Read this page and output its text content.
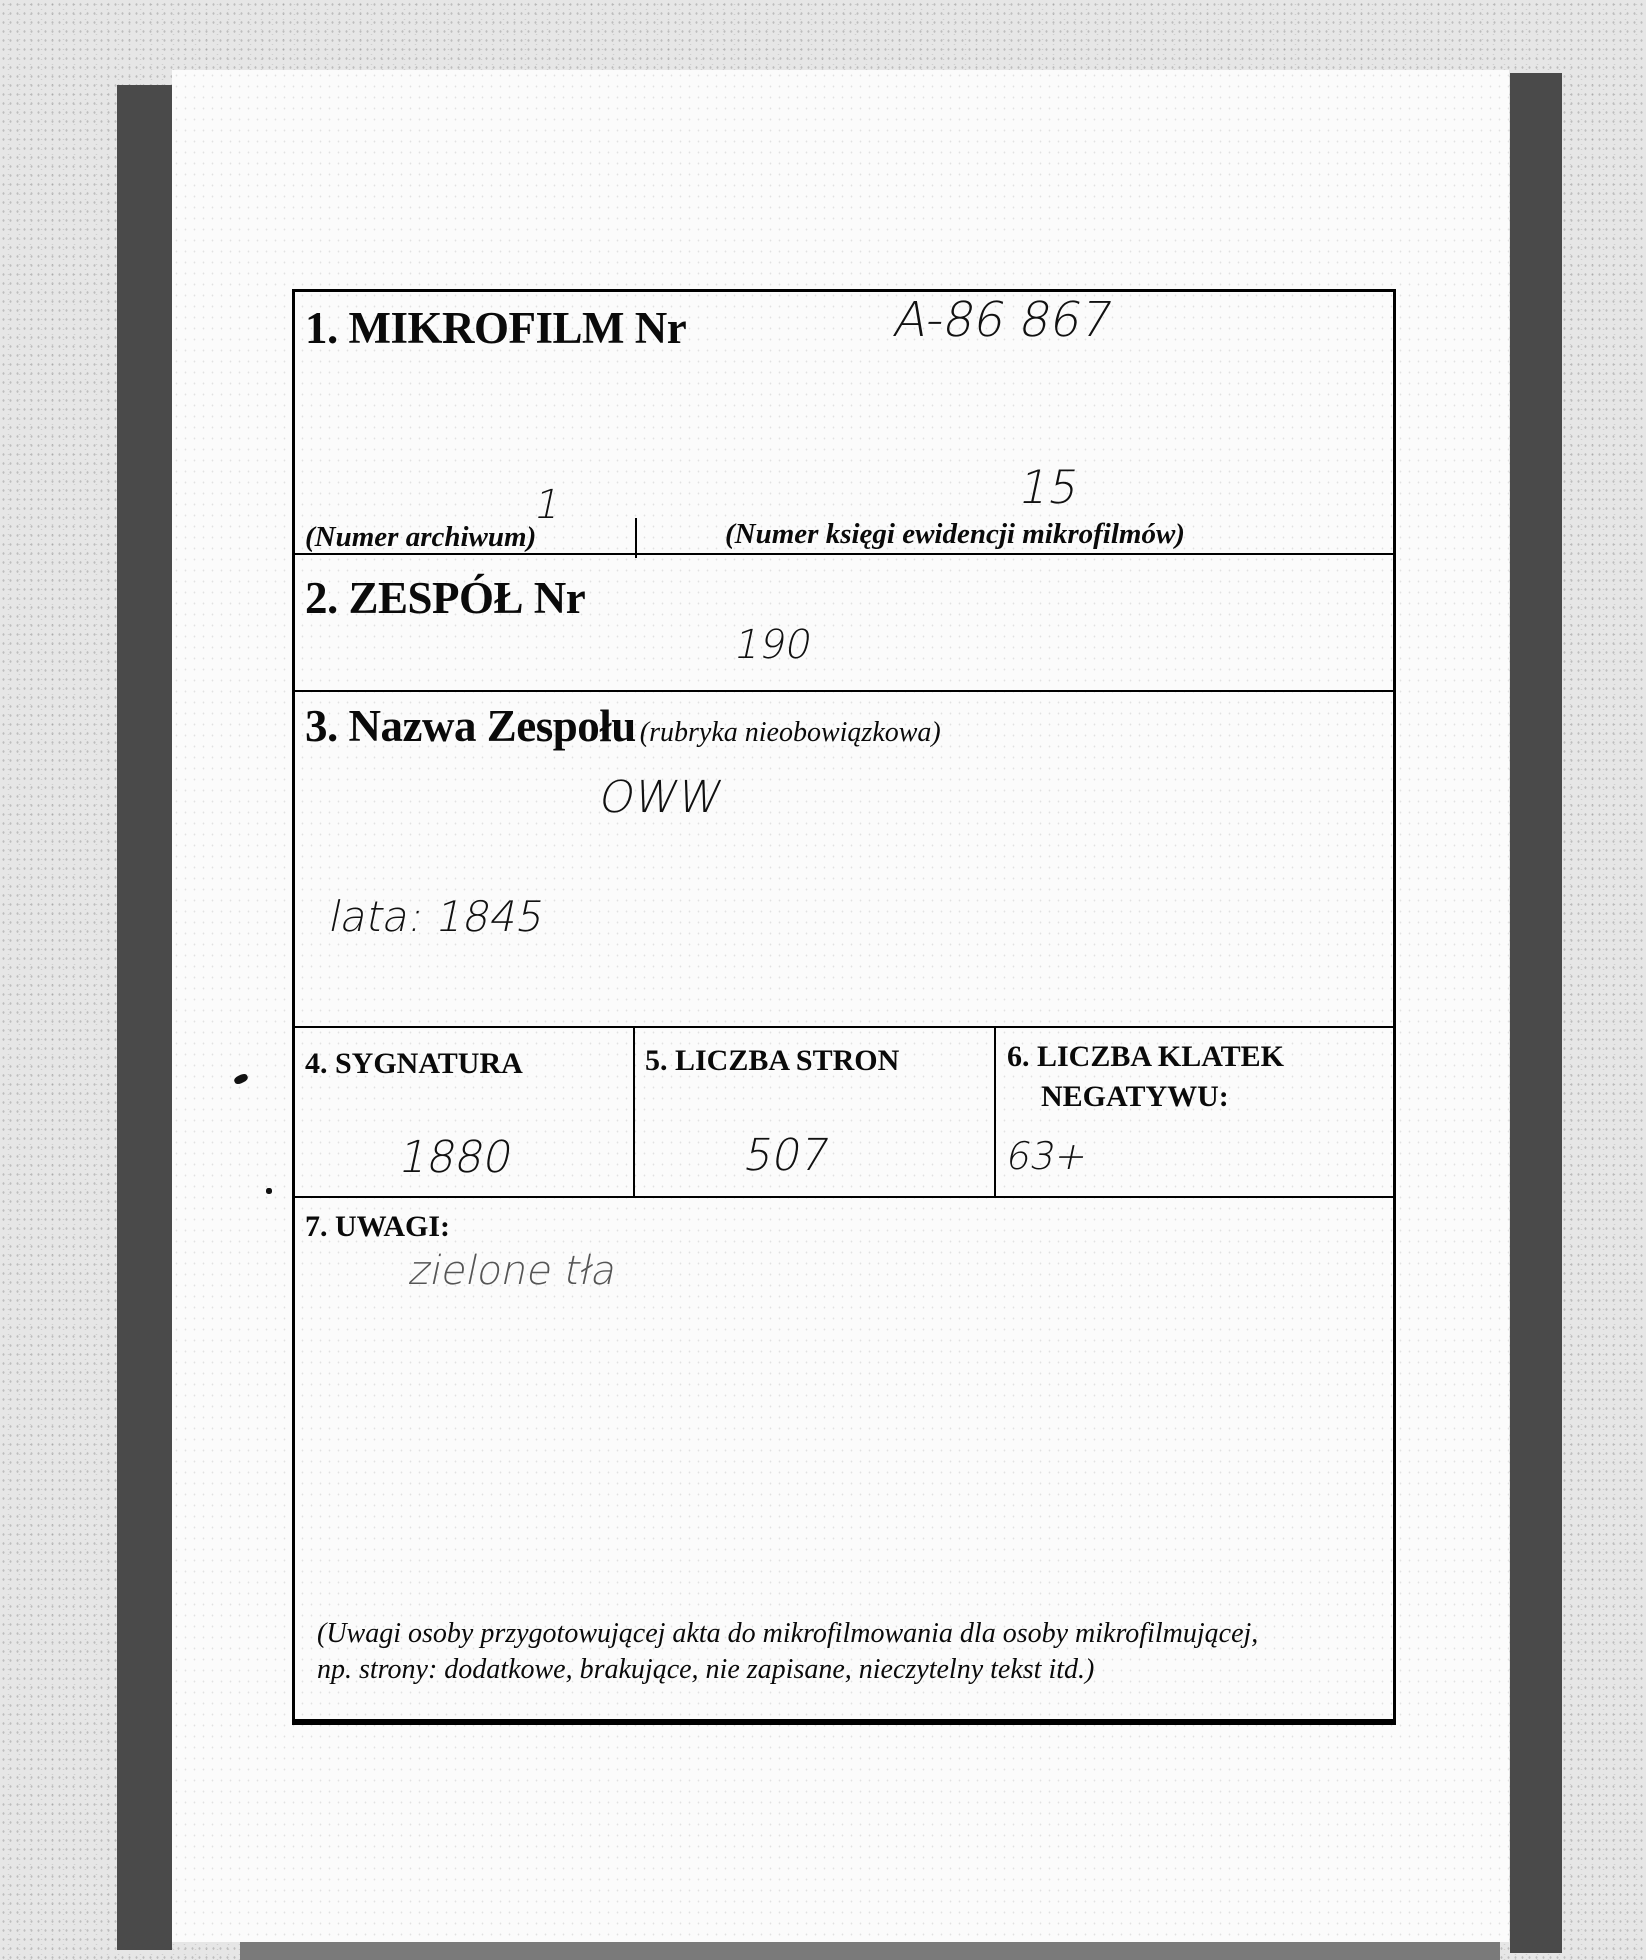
1. MIKROFILM Nr	A-86 867
1	15
(Numer archiwum)	(Numer księgi ewidencji mikrofilmów)
2. ZESPÓŁ Nr
190
3. Nazwa Zespołu (rubryka nieobowiązkowa)
OWW
lata: 1845
4. SYGNATURA
1880
5. LICZBA STRON
507
6. LICZBA KLATEK
NEGATYWU:
63+
7. UWAGI:
zielone tła
(Uwagi osoby przygotowującej akta do mikrofilmowania dla osoby mikrofilmującej,
np. strony: dodatkowe, brakujące, nie zapisane, nieczytelny tekst itd.)
